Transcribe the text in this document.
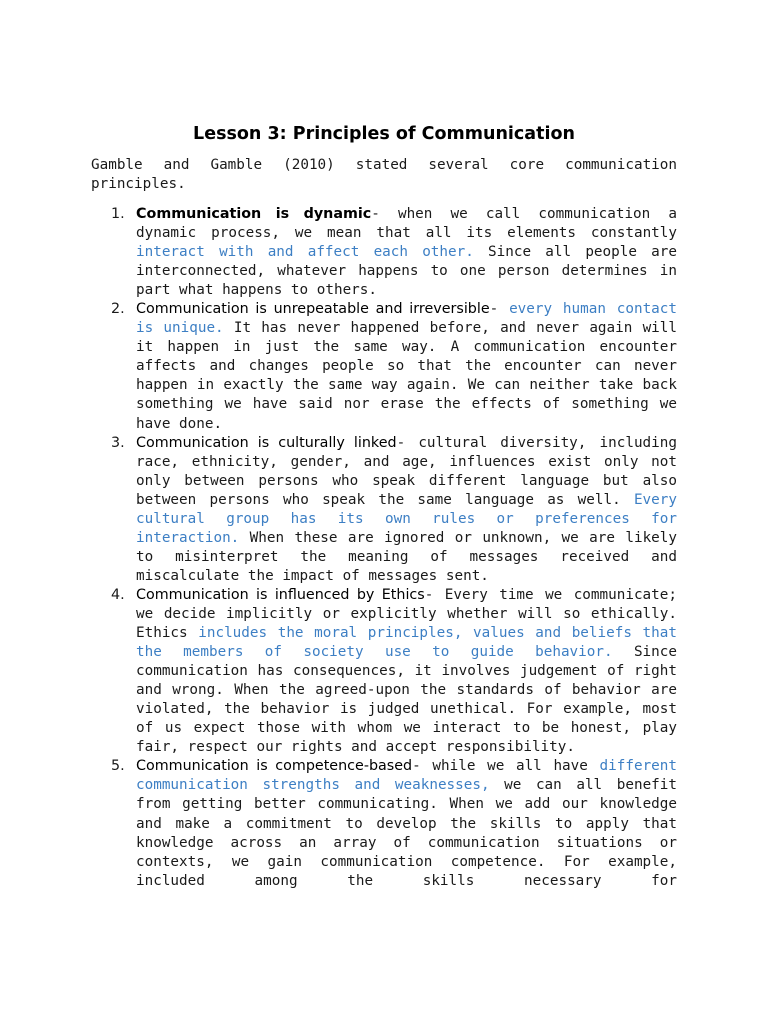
Lesson 3: Principles of Communication

Gamble and Gamble (2010) stated several core communication principles.

1. Communication is dynamic- when we call communication a dynamic process, we mean that all its elements constantly interact with and affect each other. Since all people are interconnected, whatever happens to one person determines in part what happens to others.
2. Communication is unrepeatable and irreversible- every human contact is unique. It has never happened before, and never again will it happen in just the same way. A communication encounter affects and changes people so that the encounter can never happen in exactly the same way again. We can neither take back something we have said nor erase the effects of something we have done.
3. Communication is culturally linked- cultural diversity, including race, ethnicity, gender, and age, influences exist only not only between persons who speak different language but also between persons who speak the same language as well. Every cultural group has its own rules or preferences for interaction. When these are ignored or unknown, we are likely to misinterpret the meaning of messages received and miscalculate the impact of messages sent.
4. Communication is influenced by Ethics- Every time we communicate; we decide implicitly or explicitly whether will so ethically. Ethics includes the moral principles, values and beliefs that the members of society use to guide behavior. Since communication has consequences, it involves judgement of right and wrong. When the agreed-upon the standards of behavior are violated, the behavior is judged unethical. For example, most of us expect those with whom we interact to be honest, play fair, respect our rights and accept responsibility.
5. Communication is competence-based- while we all have different communication strengths and weaknesses, we can all benefit from getting better communicating. When we add our knowledge and make a commitment to develop the skills to apply that knowledge across an array of communication situations or contexts, we gain communication competence. For example, included among the skills necessary for
